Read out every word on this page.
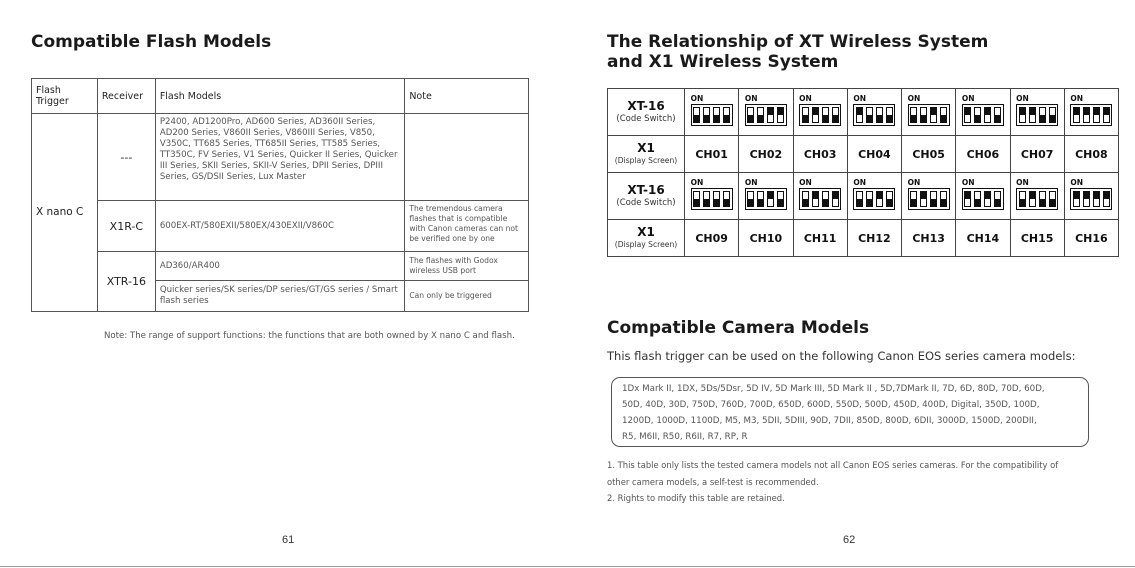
Compatible Flash Models
Flash Trigger	Receiver	Flash Models	Note
X nano C	---	P2400, AD1200Pro, AD600 Series, AD360II Series, AD200 Series, V860II Series, V860III Series, V850, V350C, TT685 Series, TT685II Series, TT585 Series, TT350C, FV Series, V1 Series, Quicker II Series, Quicker III Series, SKII Series, SKII-V Series, DPII Series, DPIII Series, GS/DSII Series, Lux Master	
	X1R-C	600EX-RT/580EXII/580EX/430EXII/V860C	The tremendous camera flashes that is compatible with Canon cameras can not be verified one by one
	XTR-16	AD360/AR400	The flashes with Godox wireless USB port
		Quicker series/SK series/DP series/GT/GS series / Smart flash series	Can only be triggered
Note: The range of support functions: the functions that are both owned by X nano C and flash.
61
The Relationship of XT Wireless System and X1 Wireless System
XT-16
(Code Switch)	ON	ON	ON	ON	ON	ON	ON	ON

X1
(Display Screen)	CH01	CH02	CH03	CH04	CH05	CH06	CH07	CH08

XT-16
(Code Switch)	ON	ON	ON	ON	ON	ON	ON	ON

X1
(Display Screen)	CH09	CH10	CH11	CH12	CH13	CH14	CH15	CH16
Compatible Camera Models
This flash trigger can be used on the following Canon EOS series camera models:
1Dx Mark II, 1DX, 5Ds/5Dsr, 5D IV, 5D Mark III, 5D Mark II , 5D,7DMark II, 7D, 6D, 80D, 70D, 60D,
50D, 40D, 30D, 750D, 760D, 700D, 650D, 600D, 550D, 500D, 450D, 400D, Digital, 350D, 100D,
1200D, 1000D, 1100D, M5, M3, 5DII, 5DIII, 90D, 7DII, 850D, 800D, 6DII, 3000D, 1500D, 200DII,
R5, M6II, R50, R6II, R7, RP, R
1. This table only lists the tested camera models not all Canon EOS series cameras. For the compatibility of
other camera models, a self-test is recommended.
2. Rights to modify this table are retained.
62
